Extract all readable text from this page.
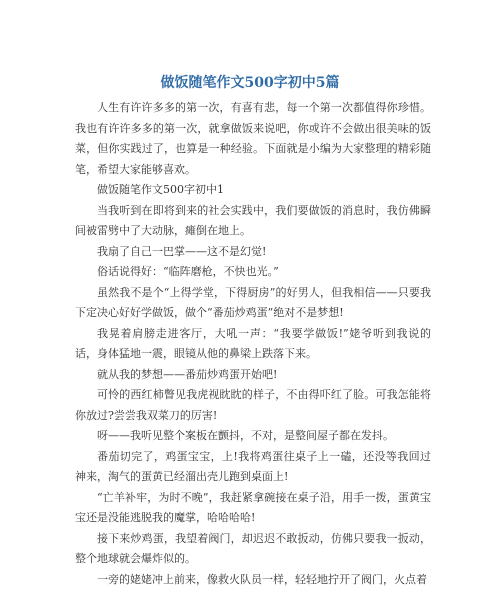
做饭随笔作文500字初中5篇

人生有许许多多的第一次，有喜有悲，每一个第一次都值得你珍惜。我也有许许多多的第一次，就拿做饭来说吧，你或许不会做出很美味的饭菜，但你实践过了，也算是一种经验。下面就是小编为大家整理的精彩随笔，希望大家能够喜欢。

做饭随笔作文500字初中1

当我听到在即将到来的社会实践中，我们要做饭的消息时，我仿佛瞬间被雷劈中了大动脉，瘫倒在地上。

我扇了自己一巴掌——这不是幻觉!

俗话说得好：“临阵磨枪，不快也光。”

虽然我不是个“上得学堂，下得厨房”的好男人，但我相信——只要我下定决心好好学做饭，做个“番茄炒鸡蛋”绝对不是梦想!

我晃着肩膀走进客厅，大吼一声：“我要学做饭!”姥爷听到我说的话，身体猛地一震，眼镜从他的鼻梁上跌落下来。

就从我的梦想——番茄炒鸡蛋开始吧!

可怜的西红柿瞥见我虎视眈眈的样子，不由得吓红了脸。可我怎能将你放过?尝尝我双菜刀的厉害!

呀——我听见整个案板在颤抖，不对，是整间屋子都在发抖。

番茄切完了，鸡蛋宝宝，上!我将鸡蛋往桌子上一磕，还没等我回过神来，淘气的蛋黄已经溜出壳儿跑到桌面上!

“亡羊补牢，为时不晚”，我赶紧拿碗接在桌子沿，用手一拨，蛋黄宝宝还是没能逃脱我的魔掌，哈哈哈哈!

接下来炒鸡蛋，我望着阀门，却迟迟不敢扳动，仿佛只要我一扳动，整个地球就会爆炸似的。

一旁的姥姥冲上前来，像救火队员一样，轻轻地拧开了阀门，火点着
